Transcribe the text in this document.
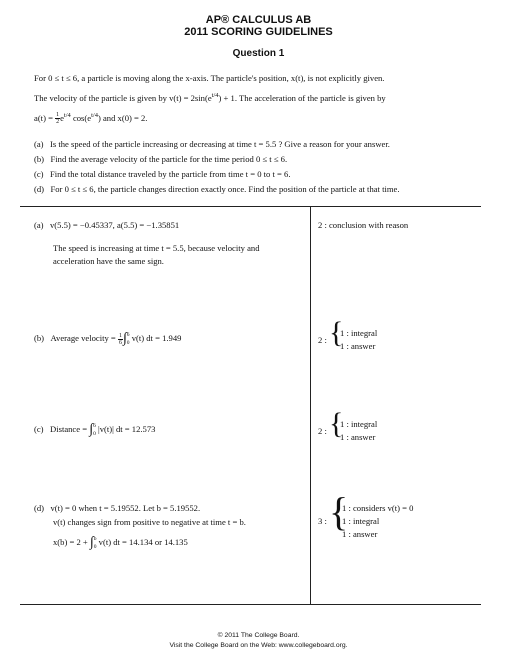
AP® CALCULUS AB
2011 SCORING GUIDELINES
Question 1
For 0 ≤ t ≤ 6, a particle is moving along the x-axis. The particle's position, x(t), is not explicitly given.
The velocity of the particle is given by $v(t) = 2\sin(e^{t/4}) + 1$. The acceleration of the particle is given by
$a(t) = \frac{1}{2} e^{t/4}$ $\cos(e^{t/4})$ and x(0) = 2.
(a) Is the speed of the particle increasing or decreasing at time t = 5.5 ? Give a reason for your answer.
(b) Find the average velocity of the particle for the time period 0 ≤ t ≤ 6.
(c) Find the total distance traveled by the particle from time t = 0 to t = 6.
(d) For 0 ≤ t ≤ 6, the particle changes direction exactly once. Find the position of the particle at that time.
(a) v(5.5) = −0.45337, a(5.5) = −1.35851
The speed is increasing at time t = 5.5, because velocity and
acceleration have the same sign.
2 : conclusion with reason
(b) Average velocity = $\frac{1}{6}$ ∫ 6
0
v(t) dt = 1.949	2 : {
1 : integral
1 : answer
(c) Distance = ∫ 6
0
|v(t)| dt = 12.573	2 : {
1 : integral
1 : answer
(d) v(t) = 0 when t = 5.19552. Let b = 5.19552.
v(t) changes sign from positive to negative at time t = b.
x(b) = 2 + ∫ b
0
v(t) dt = 14.134 or 14.135
3 : {
1 : considers v(t) = 0
1 : integral
1 : answer
© 2011 The College Board.
Visit the College Board on the Web: www.collegeboard.org.
